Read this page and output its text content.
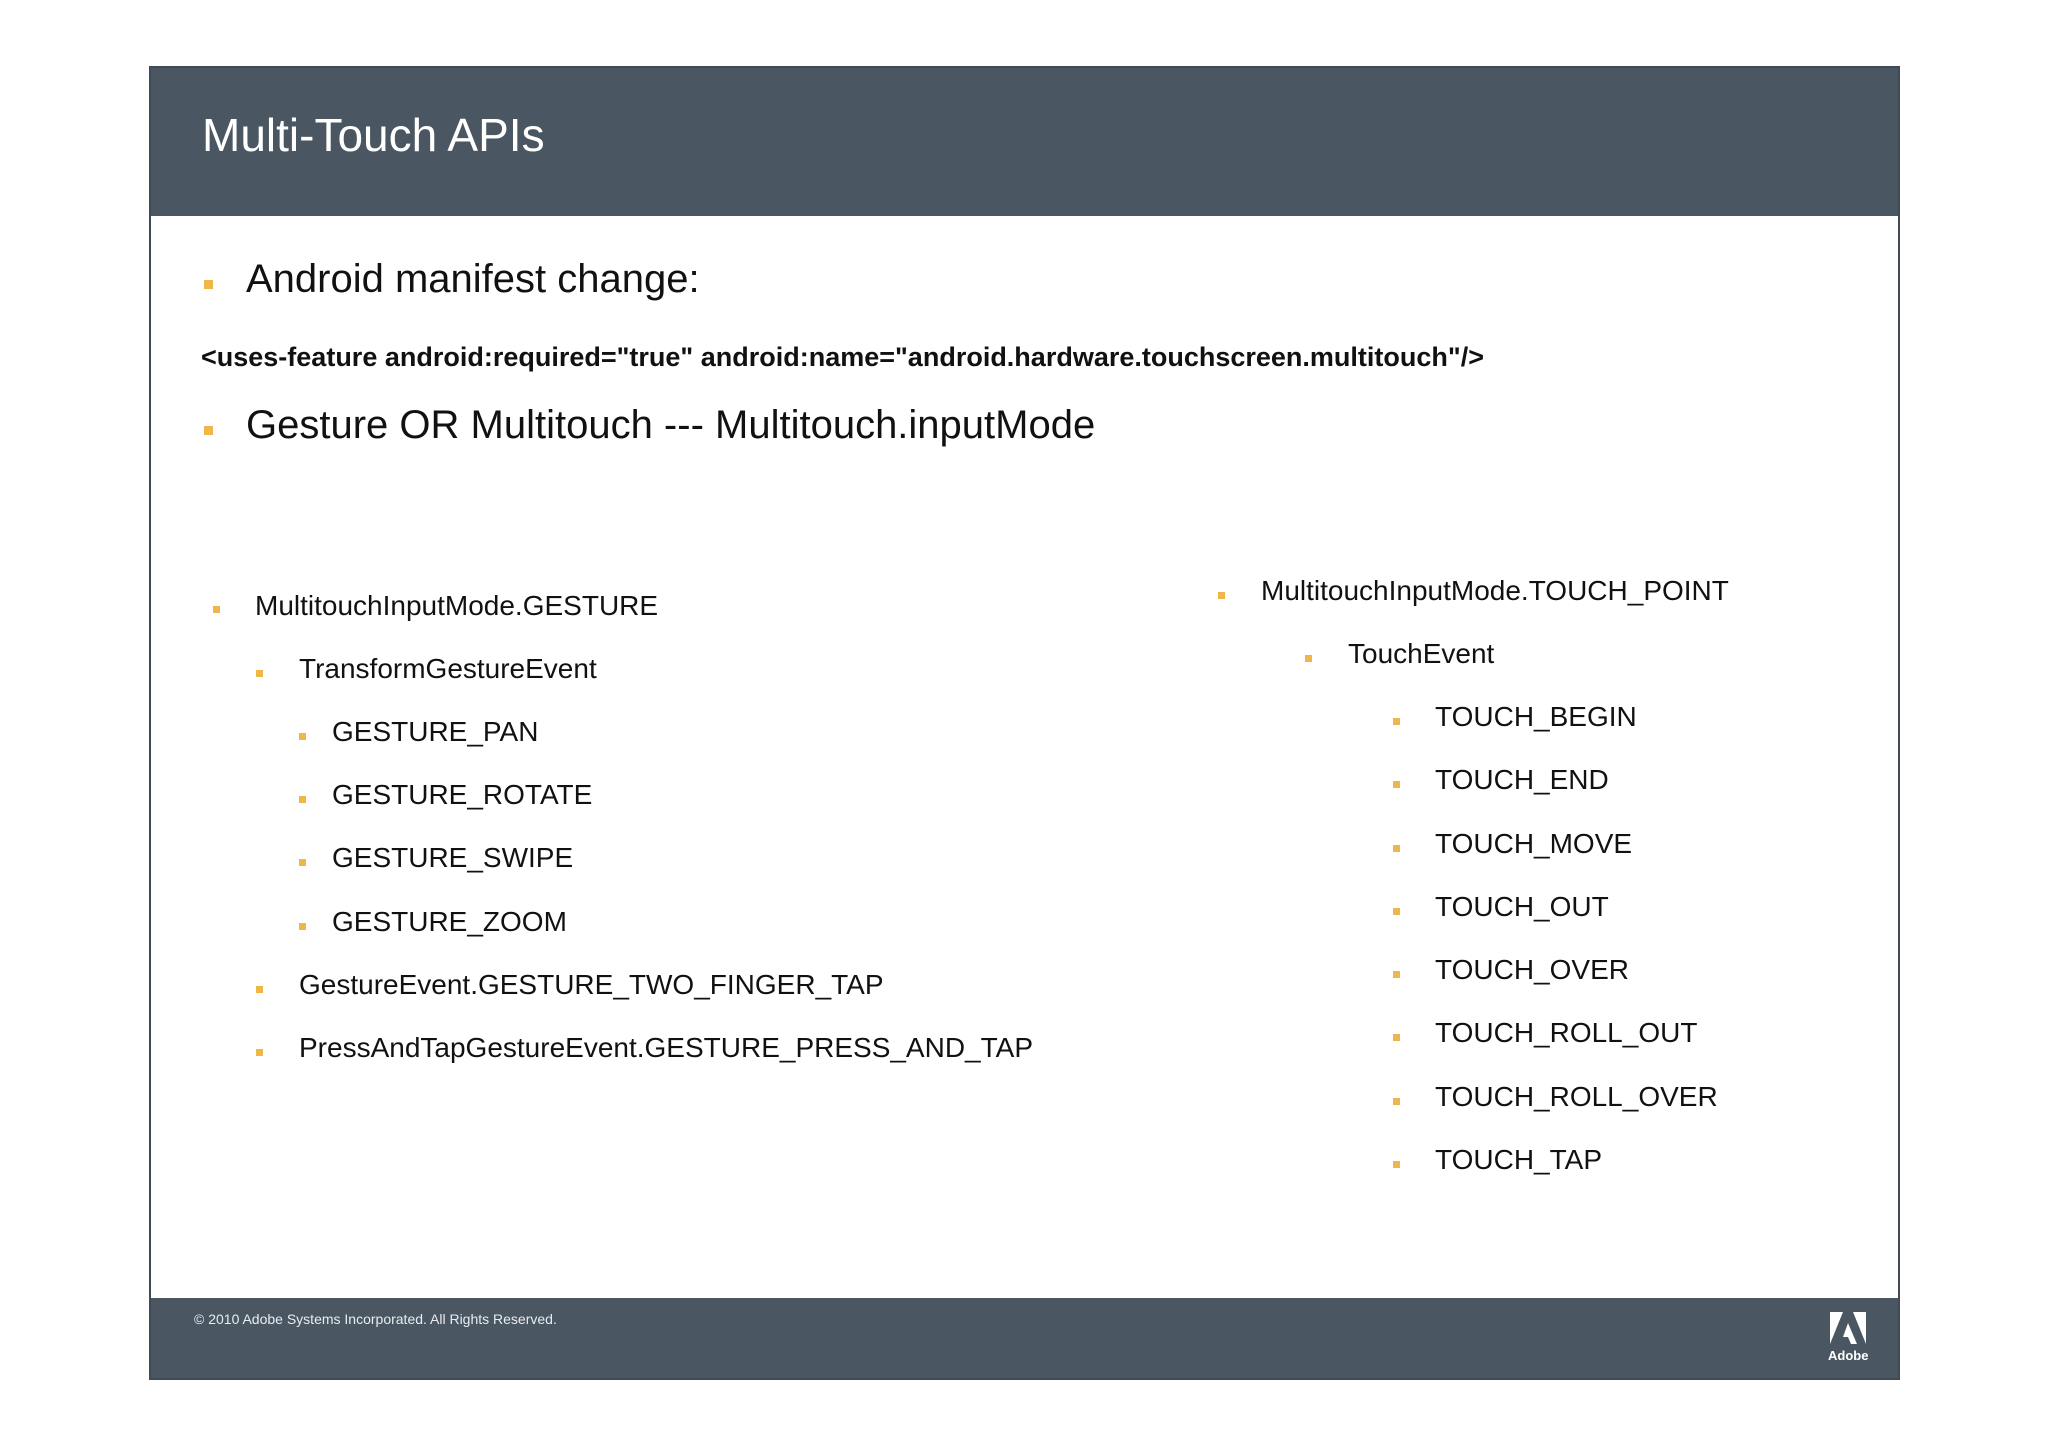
Multi-Touch APIs
Android manifest change:
<uses-feature android:required="true" android:name="android.hardware.touchscreen.multitouch"/>
Gesture OR Multitouch --- Multitouch.inputMode
MultitouchInputMode.GESTURE
TransformGestureEvent
GESTURE_PAN
GESTURE_ROTATE
GESTURE_SWIPE
GESTURE_ZOOM
GestureEvent.GESTURE_TWO_FINGER_TAP
PressAndTapGestureEvent.GESTURE_PRESS_AND_TAP
MultitouchInputMode.TOUCH_POINT
TouchEvent
TOUCH_BEGIN
TOUCH_END
TOUCH_MOVE
TOUCH_OUT
TOUCH_OVER
TOUCH_ROLL_OUT
TOUCH_ROLL_OVER
TOUCH_TAP
© 2010 Adobe Systems Incorporated. All Rights Reserved.
Adobe
